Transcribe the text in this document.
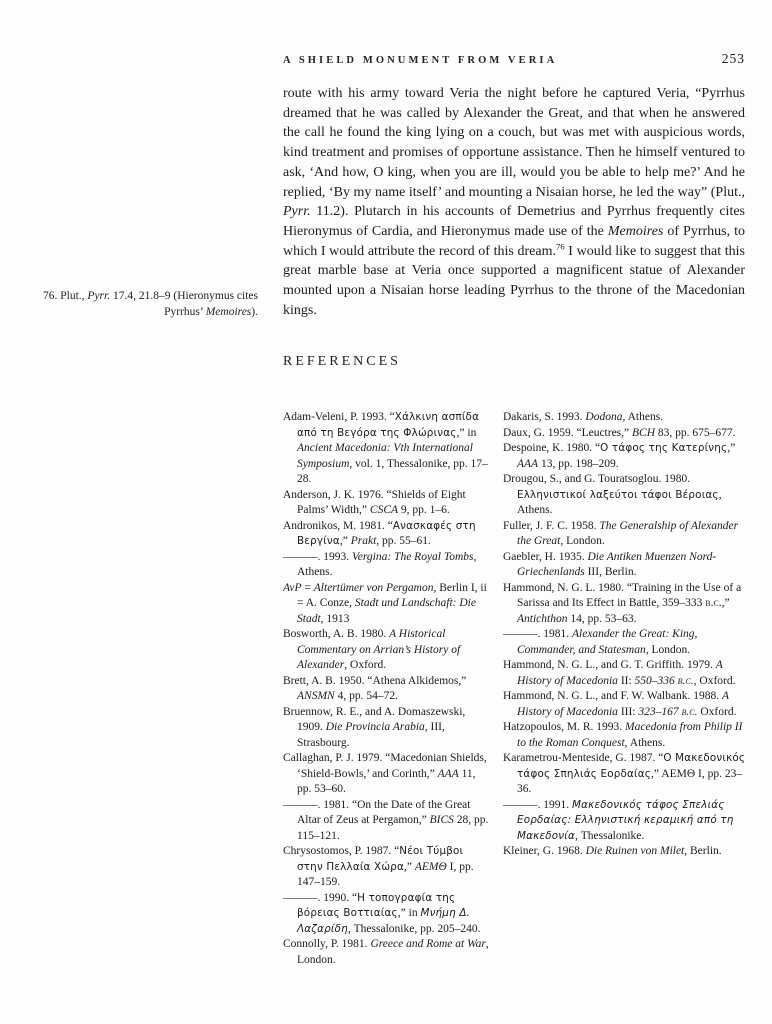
A SHIELD MONUMENT FROM VERIA	253
76. Plut., Pyrr. 17.4, 21.8–9 (Hieronymus cites Pyrrhus’ Memoires).

route with his army toward Veria the night before he captured Veria, “Pyrrhus dreamed that he was called by Alexander the Great, and that when he answered the call he found the king lying on a couch, but was met with auspicious words, kind treatment and promises of opportune assistance. Then he himself ventured to ask, ‘And how, O king, when you are ill, would you be able to help me?’ And he replied, ‘By my name itself’ and mounting a Nisaian horse, he led the way” (Plut., Pyrr. 11.2). Plutarch in his accounts of Demetrius and Pyrrhus frequently cites Hieronymus of Cardia, and Hieronymus made use of the Memoires of Pyrrhus, to which I would attribute the record of this dream.$^{76}$ I would like to suggest that this great marble base at Veria once supported a magnificent statue of Alexander mounted upon a Nisaian horse leading Pyrrhus to the throne of the Macedonian kings.

REFERENCES

Adam-Veleni, P. 1993. “Χάλκινη ασπίδα από τη Βεγόρα της Φλώρινας,” in Ancient Macedonia: Vth International Symposium, vol. 1, Thessalonike, pp. 17–28.

Anderson, J. K. 1976. “Shields of Eight Palms’ Width,” CSCA 9, pp. 1–6.

Andronikos, M. 1981. “Ανασκαφές στη Βεργίνα,” Prakt, pp. 55–61.

———. 1993. Vergina: The Royal Tombs, Athens.

AvP = Altertümer von Pergamon, Berlin I, ii = A. Conze, Stadt und Landschaft: Die Stadt, 1913

Bosworth, A. B. 1980. A Historical Commentary on Arrian’s History of Alexander, Oxford.

Brett, A. B. 1950. “Athena Alkidemos,” ANSMN 4, pp. 54–72.

Bruennow, R. E., and A. Domaszewski, 1909. Die Provincia Arabia, III, Strasbourg.

Callaghan, P. J. 1979. “Macedonian Shields, ‘Shield-Bowls,’ and Corinth,” AAA 11, pp. 53–60.

———. 1981. “On the Date of the Great Altar of Zeus at Pergamon,” BICS 28, pp. 115–121.

Chrysostomos, P. 1987. “Νέοι Τύμβοι στην Πελλαία Χώρα,” ΑΕΜΘ I, pp. 147–159.

———. 1990. “Η τοπογραφία της βόρειας Βοττιαίας,” in Μνήμη Δ. Λαζαρίδη, Thessalonike, pp. 205–240.

Connolly, P. 1981. Greece and Rome at War, London.

Dakaris, S. 1993. Dodona, Athens.

Daux, G. 1959. “Leuctres,” BCH 83, pp. 675–677.

Despoine, K. 1980. “Ο τάφος της Κατερίνης,” AAA 13, pp. 198–209.

Drougou, S., and G. Touratsoglou. 1980. Ελληνιστικοί λαξεύτοι τάφοι Βέροιας, Athens.

Fuller, J. F. C. 1958. The Generalship of Alexander the Great, London.

Gaebler, H. 1935. Die Antiken Muenzen Nord-Griechenlands III, Berlin.

Hammond, N. G. L. 1980. “Training in the Use of a Sarissa and Its Effect in Battle, 359–333 b.c.,” Antichthon 14, pp. 53–63.

———. 1981. Alexander the Great: King, Commander, and Statesman, London.

Hammond, N. G. L., and G. T. Griffith. 1979. A History of Macedonia II: 550–336 b.c., Oxford.

Hammond, N. G. L., and F. W. Walbank. 1988. A History of Macedonia III: 323–167 b.c. Oxford.

Hatzopoulos, M. R. 1993. Macedonia from Philip II to the Roman Conquest, Athens.

Karametrou-Menteside, G. 1987. “Ο Μακεδονικός τάφος Σπηλιάς Εορδαίας,” ΑΕΜΘ I, pp. 23–36.

———. 1991. Μακεδονικός τάφος Σπελιάς Εορδαίας: Ελληνιστική κεραμική από τη Μακεδονία, Thessalonike.

Kleiner, G. 1968. Die Ruinen von Milet, Berlin.
